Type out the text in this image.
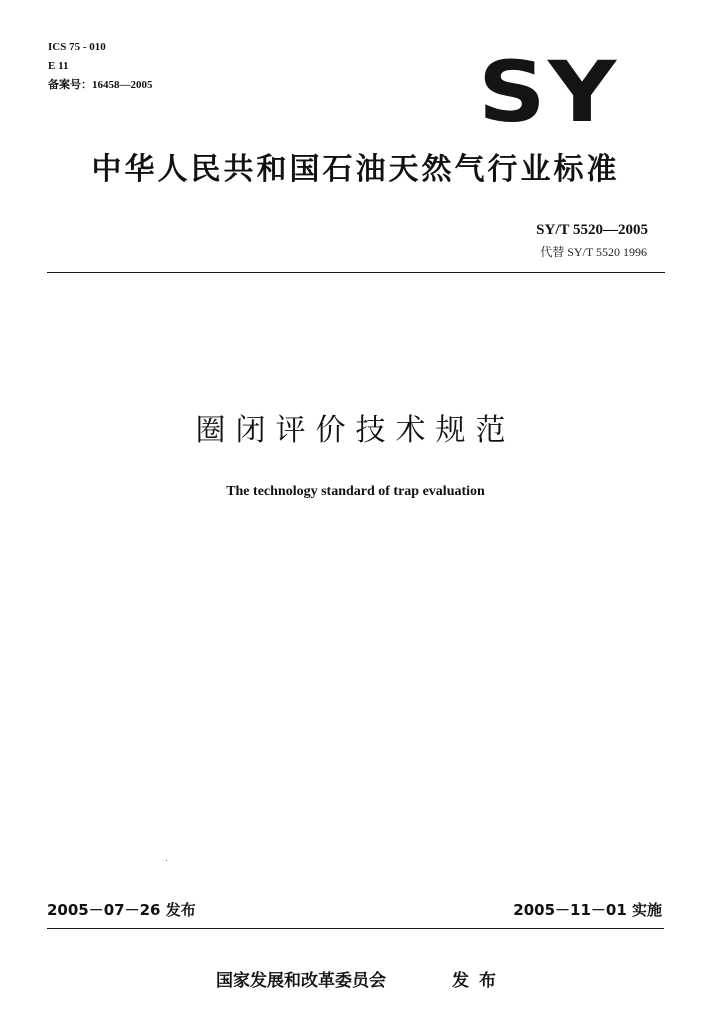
ICS 75 - 010
E 11
备案号：16458—2005	SY
中华人民共和国石油天然气行业标准
SY/T 5520—2005
代替 SY/T 5520 1996
圈闭评价技术规范
The technology standard of trap evaluation
2005－07－26 发布	2005－11－01 实施
国家发展和改革委员会	发布
